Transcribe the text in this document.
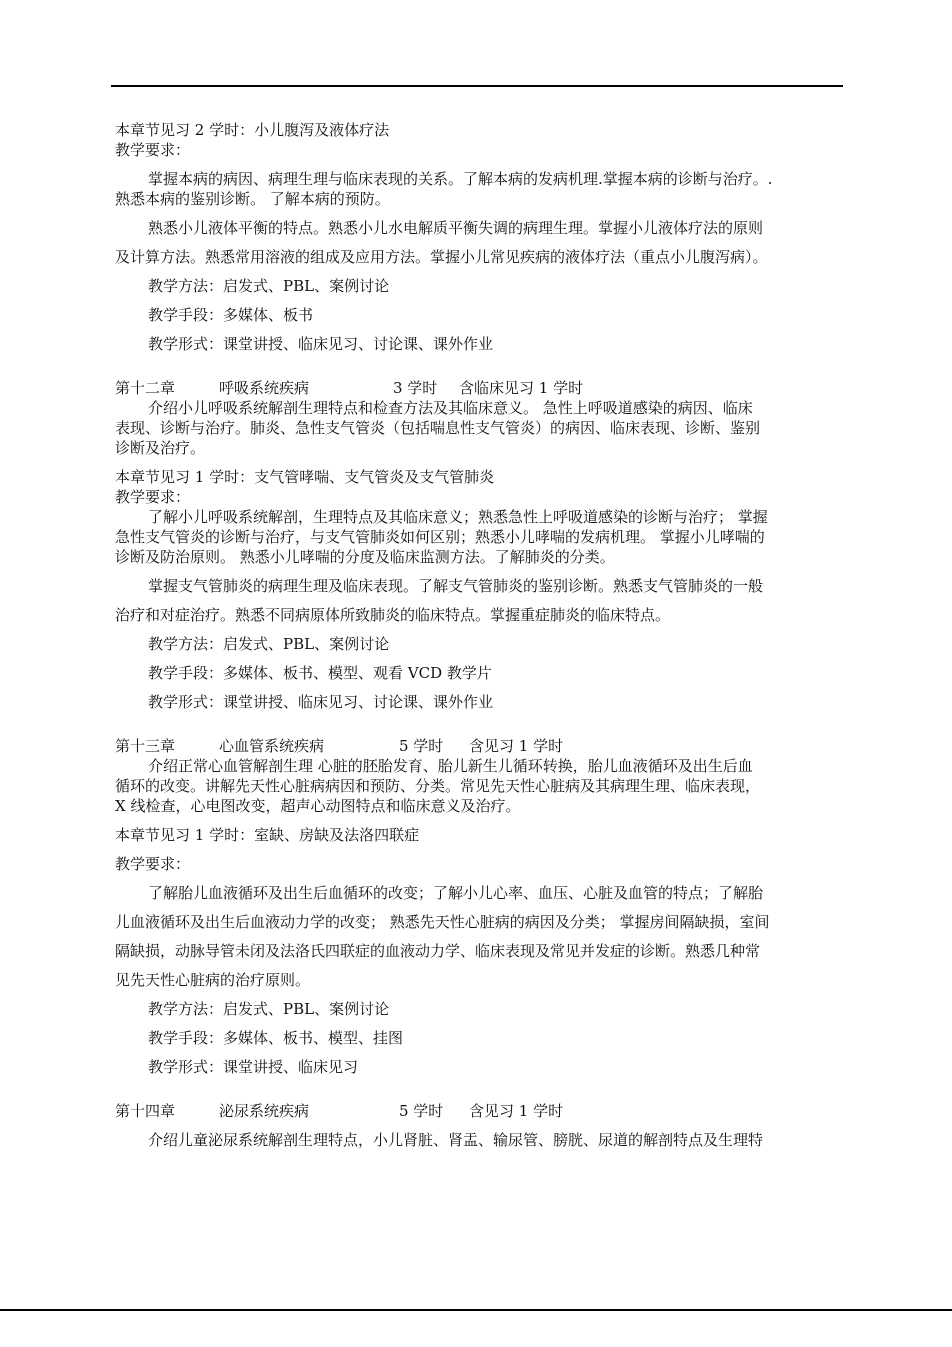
本章节见习 2 学时：小儿腹泻及液体疗法
教学要求：
掌握本病的病因、病理生理与临床表现的关系。了解本病的发病机理.掌握本病的诊断与治疗。.
熟悉本病的鉴别诊断。 了解本病的预防。
熟悉小儿液体平衡的特点。熟悉小儿水电解质平衡失调的病理生理。掌握小儿液体疗法的原则
及计算方法。熟悉常用溶液的组成及应用方法。掌握小儿常见疾病的液体疗法（重点小儿腹泻病）。
教学方法：启发式、PBL、案例讨论
教学手段：多媒体、板书
教学形式：课堂讲授、临床见习、讨论课、课外作业
第十二章	呼吸系统疾病	3 学时 含临床见习 1 学时
介绍小儿呼吸系统解剖生理特点和检查方法及其临床意义。 急性上呼吸道感染的病因、临床
表现、诊断与治疗。肺炎、急性支气管炎（包括喘息性支气管炎）的病因、临床表现、诊断、鉴别
诊断及治疗。
本章节见习 1 学时：支气管哮喘、支气管炎及支气管肺炎
教学要求：
了解小儿呼吸系统解剖，生理特点及其临床意义；熟悉急性上呼吸道感染的诊断与治疗； 掌握
急性支气管炎的诊断与治疗，与支气管肺炎如何区别；熟悉小儿哮喘的发病机理。 掌握小儿哮喘的
诊断及防治原则。 熟悉小儿哮喘的分度及临床监测方法。了解肺炎的分类。
掌握支气管肺炎的病理生理及临床表现。了解支气管肺炎的鉴别诊断。熟悉支气管肺炎的一般
治疗和对症治疗。熟悉不同病原体所致肺炎的临床特点。掌握重症肺炎的临床特点。
教学方法：启发式、PBL、案例讨论
教学手段：多媒体、板书、模型、观看 VCD 教学片
教学形式：课堂讲授、临床见习、讨论课、课外作业
第十三章	心血管系统疾病	5 学时 含见习 1 学时
介绍正常心血管解剖生理 心脏的胚胎发育、胎儿新生儿循环转换，胎儿血液循环及出生后血
循环的改变。讲解先天性心脏病病因和预防、分类。常见先天性心脏病及其病理生理、临床表现，
X 线检查，心电图改变，超声心动图特点和临床意义及治疗。
本章节见习 1 学时：室缺、房缺及法洛四联症
教学要求：
了解胎儿血液循环及出生后血循环的改变；了解小儿心率、血压、心脏及血管的特点；了解胎
儿血液循环及出生后血液动力学的改变； 熟悉先天性心脏病的病因及分类； 掌握房间隔缺损，室间
隔缺损，动脉导管未闭及法洛氏四联症的血液动力学、临床表现及常见并发症的诊断。熟悉几种常
见先天性心脏病的治疗原则。
教学方法：启发式、PBL、案例讨论
教学手段：多媒体、板书、模型、挂图
教学形式：课堂讲授、临床见习
第十四章	泌尿系统疾病	5 学时 含见习 1 学时
介绍儿童泌尿系统解剖生理特点，小儿肾脏、肾盂、输尿管、膀胱、尿道的解剖特点及生理特
